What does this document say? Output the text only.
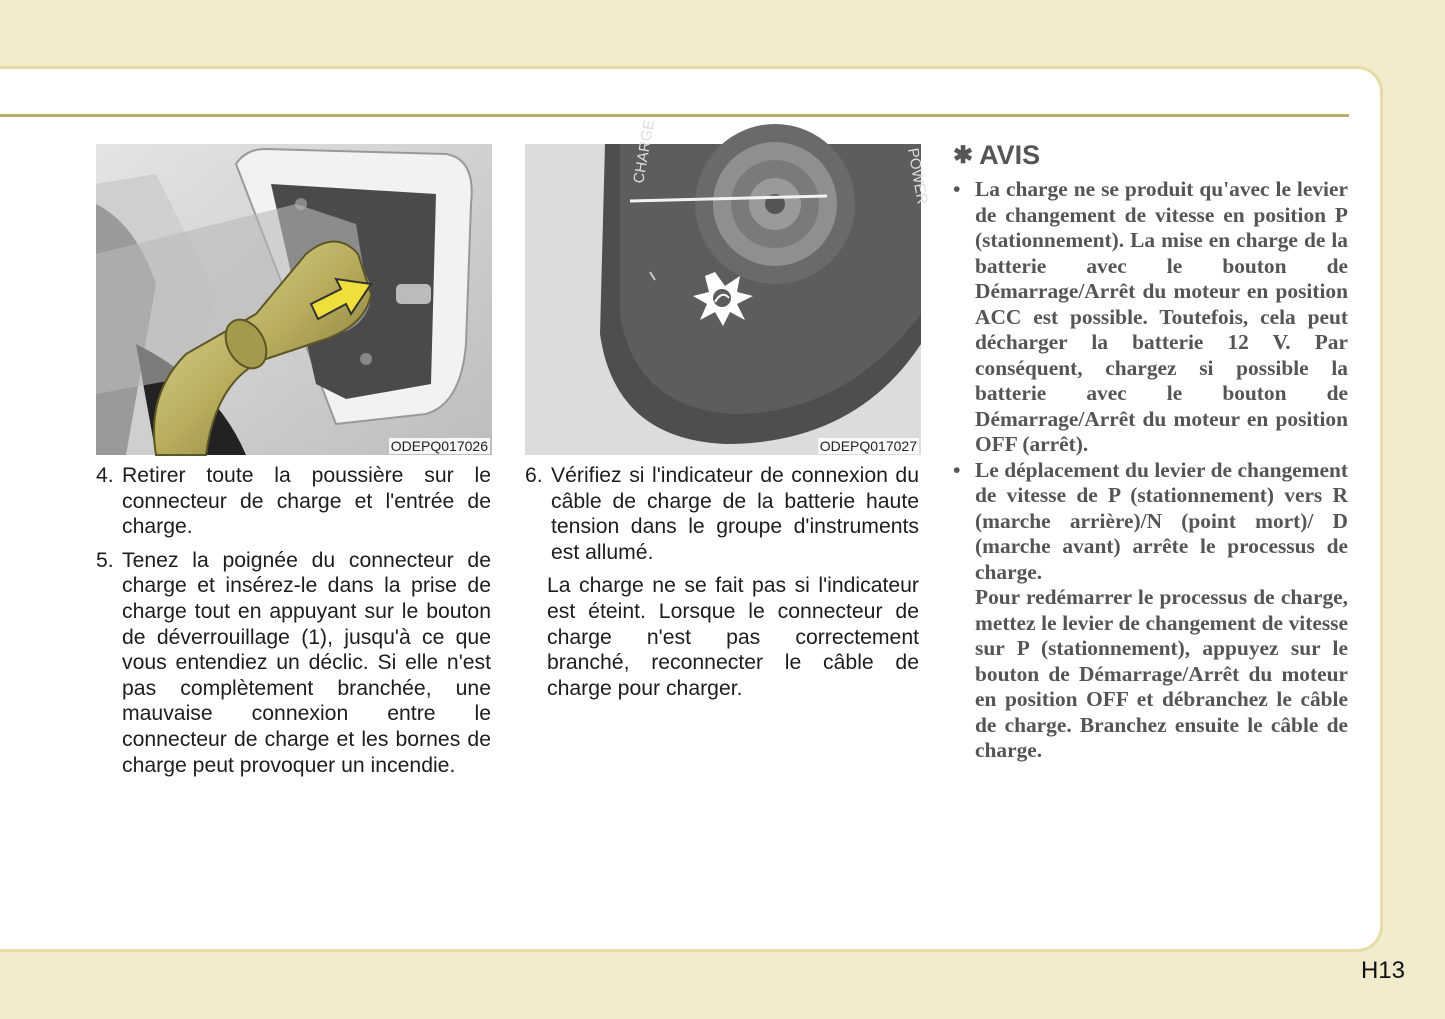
ODEPQ017026
CHARGE	POWER
ODEPQ017027
4. Retirer toute la poussière sur le connecteur de charge et l'entrée de charge.
5. Tenez la poignée du connecteur de charge et insérez-le dans la prise de charge tout en appuyant sur le bouton de déverrouillage (1), jusqu'à ce que vous entendiez un déclic. Si elle n'est pas complètement branchée, une mauvaise connexion entre le connecteur de charge et les bornes de charge peut provoquer un incendie.
6. Vérifiez si l'indicateur de connexion du câble de charge de la batterie haute tension dans le groupe d'instruments est allumé.
La charge ne se fait pas si l'indicateur est éteint. Lorsque le connecteur de charge n'est pas correctement branché, reconnecter le câble de charge pour charger.
✱ AVIS
• La charge ne se produit qu'avec le levier de changement de vitesse en position P (stationnement). La mise en charge de la batterie avec le bouton de Démarrage/Arrêt du moteur en position ACC est possible. Toutefois, cela peut décharger la batterie 12 V. Par conséquent, chargez si possible la batterie avec le bouton de Démarrage/Arrêt du moteur en position OFF (arrêt).

• Le déplacement du levier de changement de vitesse de P (stationnement) vers R (marche arrière)/N (point mort)/ D (marche avant) arrête le processus de charge.

Pour redémarrer le processus de charge, mettez le levier de changement de vitesse sur P (stationnement), appuyez sur le bouton de Démarrage/Arrêt du moteur en position OFF et débranchez le câble de charge. Branchez ensuite le câble de charge.

H13
